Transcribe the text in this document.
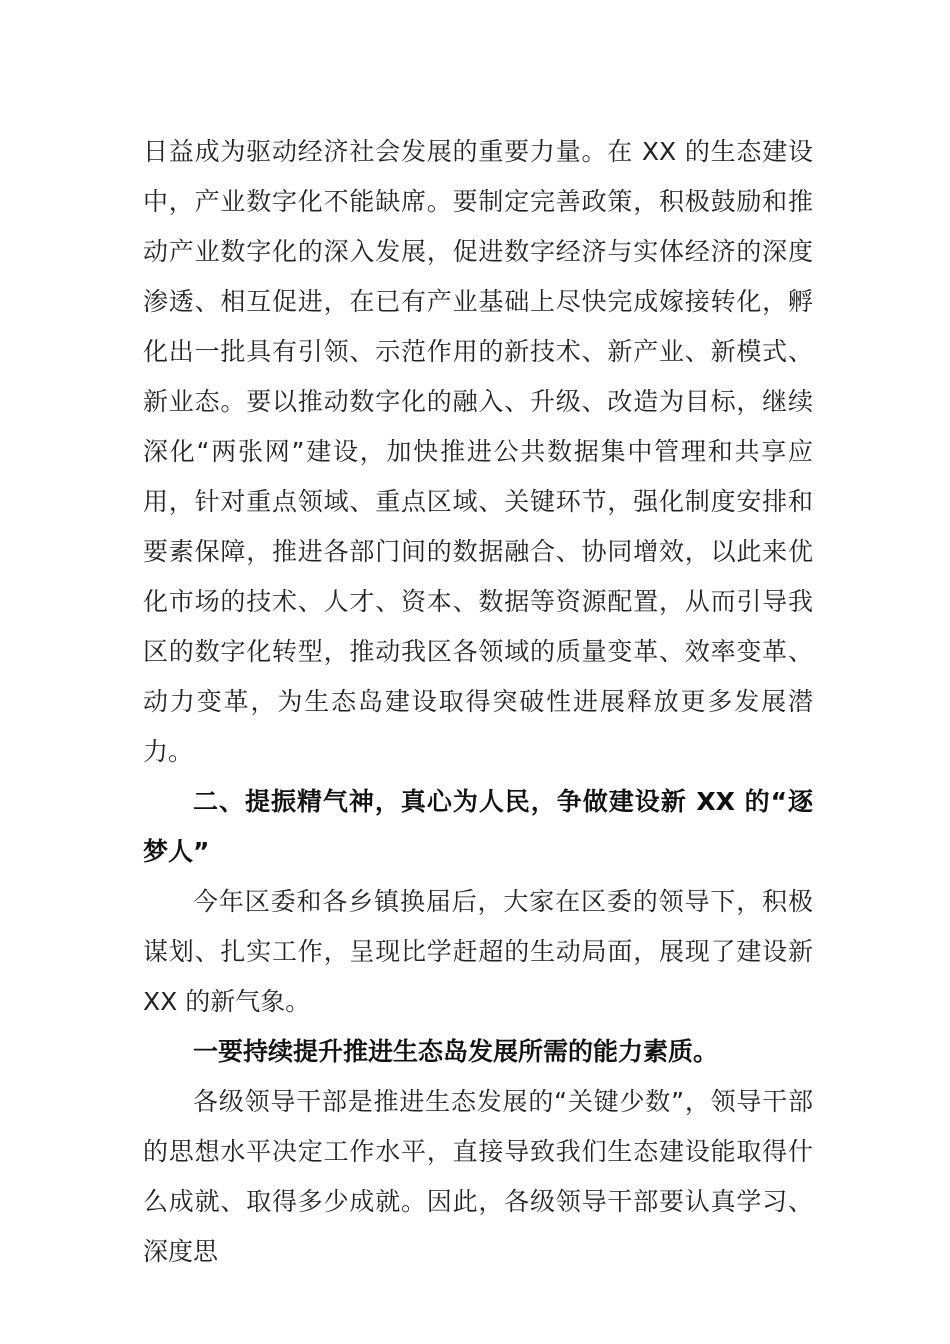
日益成为驱动经济社会发展的重要力量。在 XX 的生态建设中，产业数字化不能缺席。要制定完善政策，积极鼓励和推动产业数字化的深入发展，促进数字经济与实体经济的深度渗透、相互促进，在已有产业基础上尽快完成嫁接转化，孵化出一批具有引领、示范作用的新技术、新产业、新模式、新业态。要以推动数字化的融入、升级、改造为目标，继续深化“两张网”建设，加快推进公共数据集中管理和共享应用，针对重点领域、重点区域、关键环节，强化制度安排和要素保障，推进各部门间的数据融合、协同增效，以此来优化市场的技术、人才、资本、数据等资源配置，从而引导我区的数字化转型，推动我区各领域的质量变革、效率变革、动力变革，为生态岛建设取得突破性进展释放更多发展潜力。

二、提振精气神，真心为人民，争做建设新 XX 的“逐梦人”

今年区委和各乡镇换届后，大家在区委的领导下，积极谋划、扎实工作，呈现比学赶超的生动局面，展现了建设新 XX 的新气象。

一要持续提升推进生态岛发展所需的能力素质。

各级领导干部是推进生态发展的“关键少数”，领导干部的思想水平决定工作水平，直接导致我们生态建设能取得什么成就、取得多少成就。因此，各级领导干部要认真学习、深度思
